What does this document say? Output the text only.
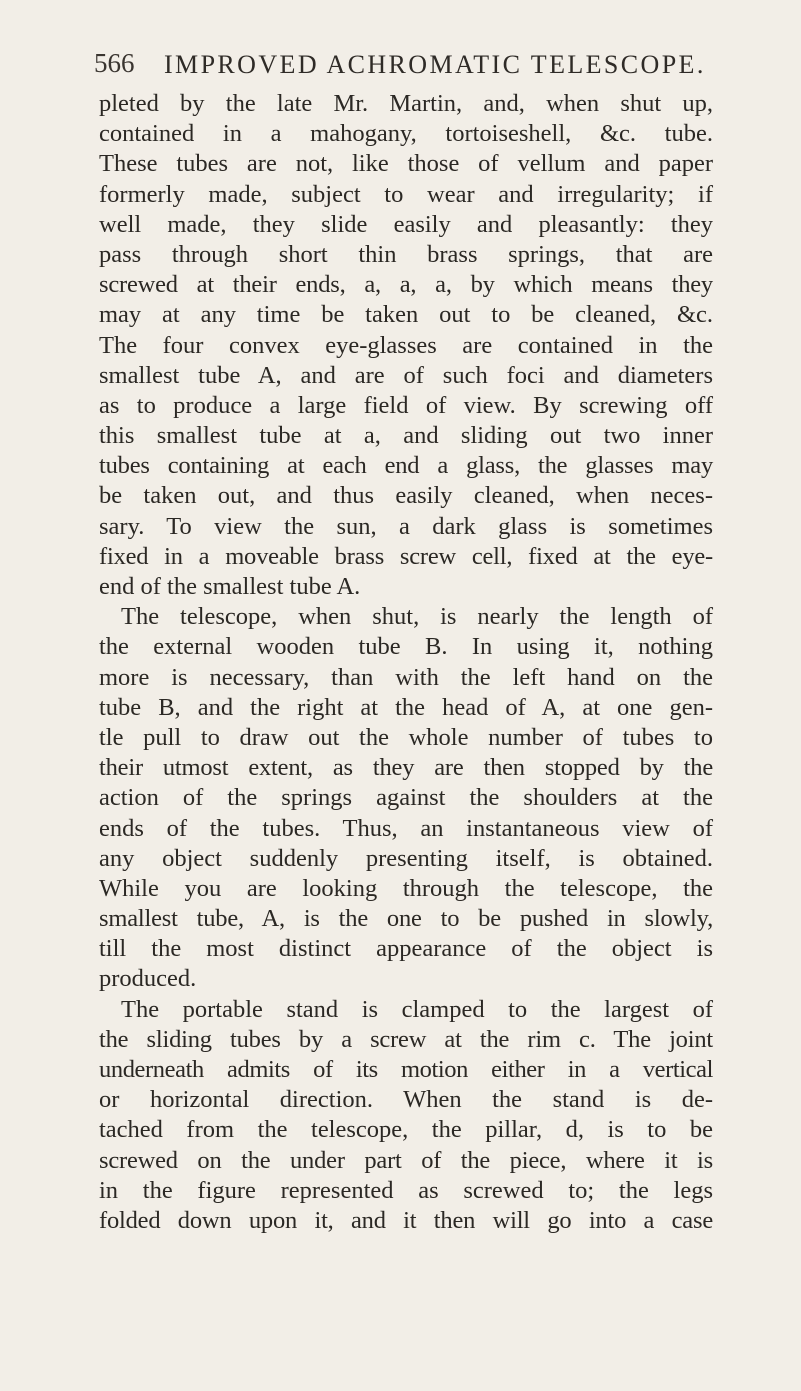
566 IMPROVED ACHROMATIC TELESCOPE.
pleted by the late Mr. Martin, and, when shut up,
contained in a mahogany, tortoiseshell, &c. tube.
These tubes are not, like those of vellum and paper
formerly made, subject to wear and irregularity; if
well made, they slide easily and pleasantly: they
pass through short thin brass springs, that are
screwed at their ends, a, a, a, by which means they
may at any time be taken out to be cleaned, &c.
The four convex eye-glasses are contained in the
smallest tube A, and are of such foci and diameters
as to produce a large field of view. By screwing off
this smallest tube at a, and sliding out two inner
tubes containing at each end a glass, the glasses may
be taken out, and thus easily cleaned, when neces-
sary. To view the sun, a dark glass is sometimes
fixed in a moveable brass screw cell, fixed at the eye-
end of the smallest tube A.
The telescope, when shut, is nearly the length of
the external wooden tube B. In using it, nothing
more is necessary, than with the left hand on the
tube B, and the right at the head of A, at one gen-
tle pull to draw out the whole number of tubes to
their utmost extent, as they are then stopped by the
action of the springs against the shoulders at the
ends of the tubes. Thus, an instantaneous view of
any object suddenly presenting itself, is obtained.
While you are looking through the telescope, the
smallest tube, A, is the one to be pushed in slowly,
till the most distinct appearance of the object is
produced.
The portable stand is clamped to the largest of
the sliding tubes by a screw at the rim c. The joint
underneath admits of its motion either in a vertical
or horizontal direction. When the stand is de-
tached from the telescope, the pillar, d, is to be
screwed on the under part of the piece, where it is
in the figure represented as screwed to; the legs
folded down upon it, and it then will go into a case
